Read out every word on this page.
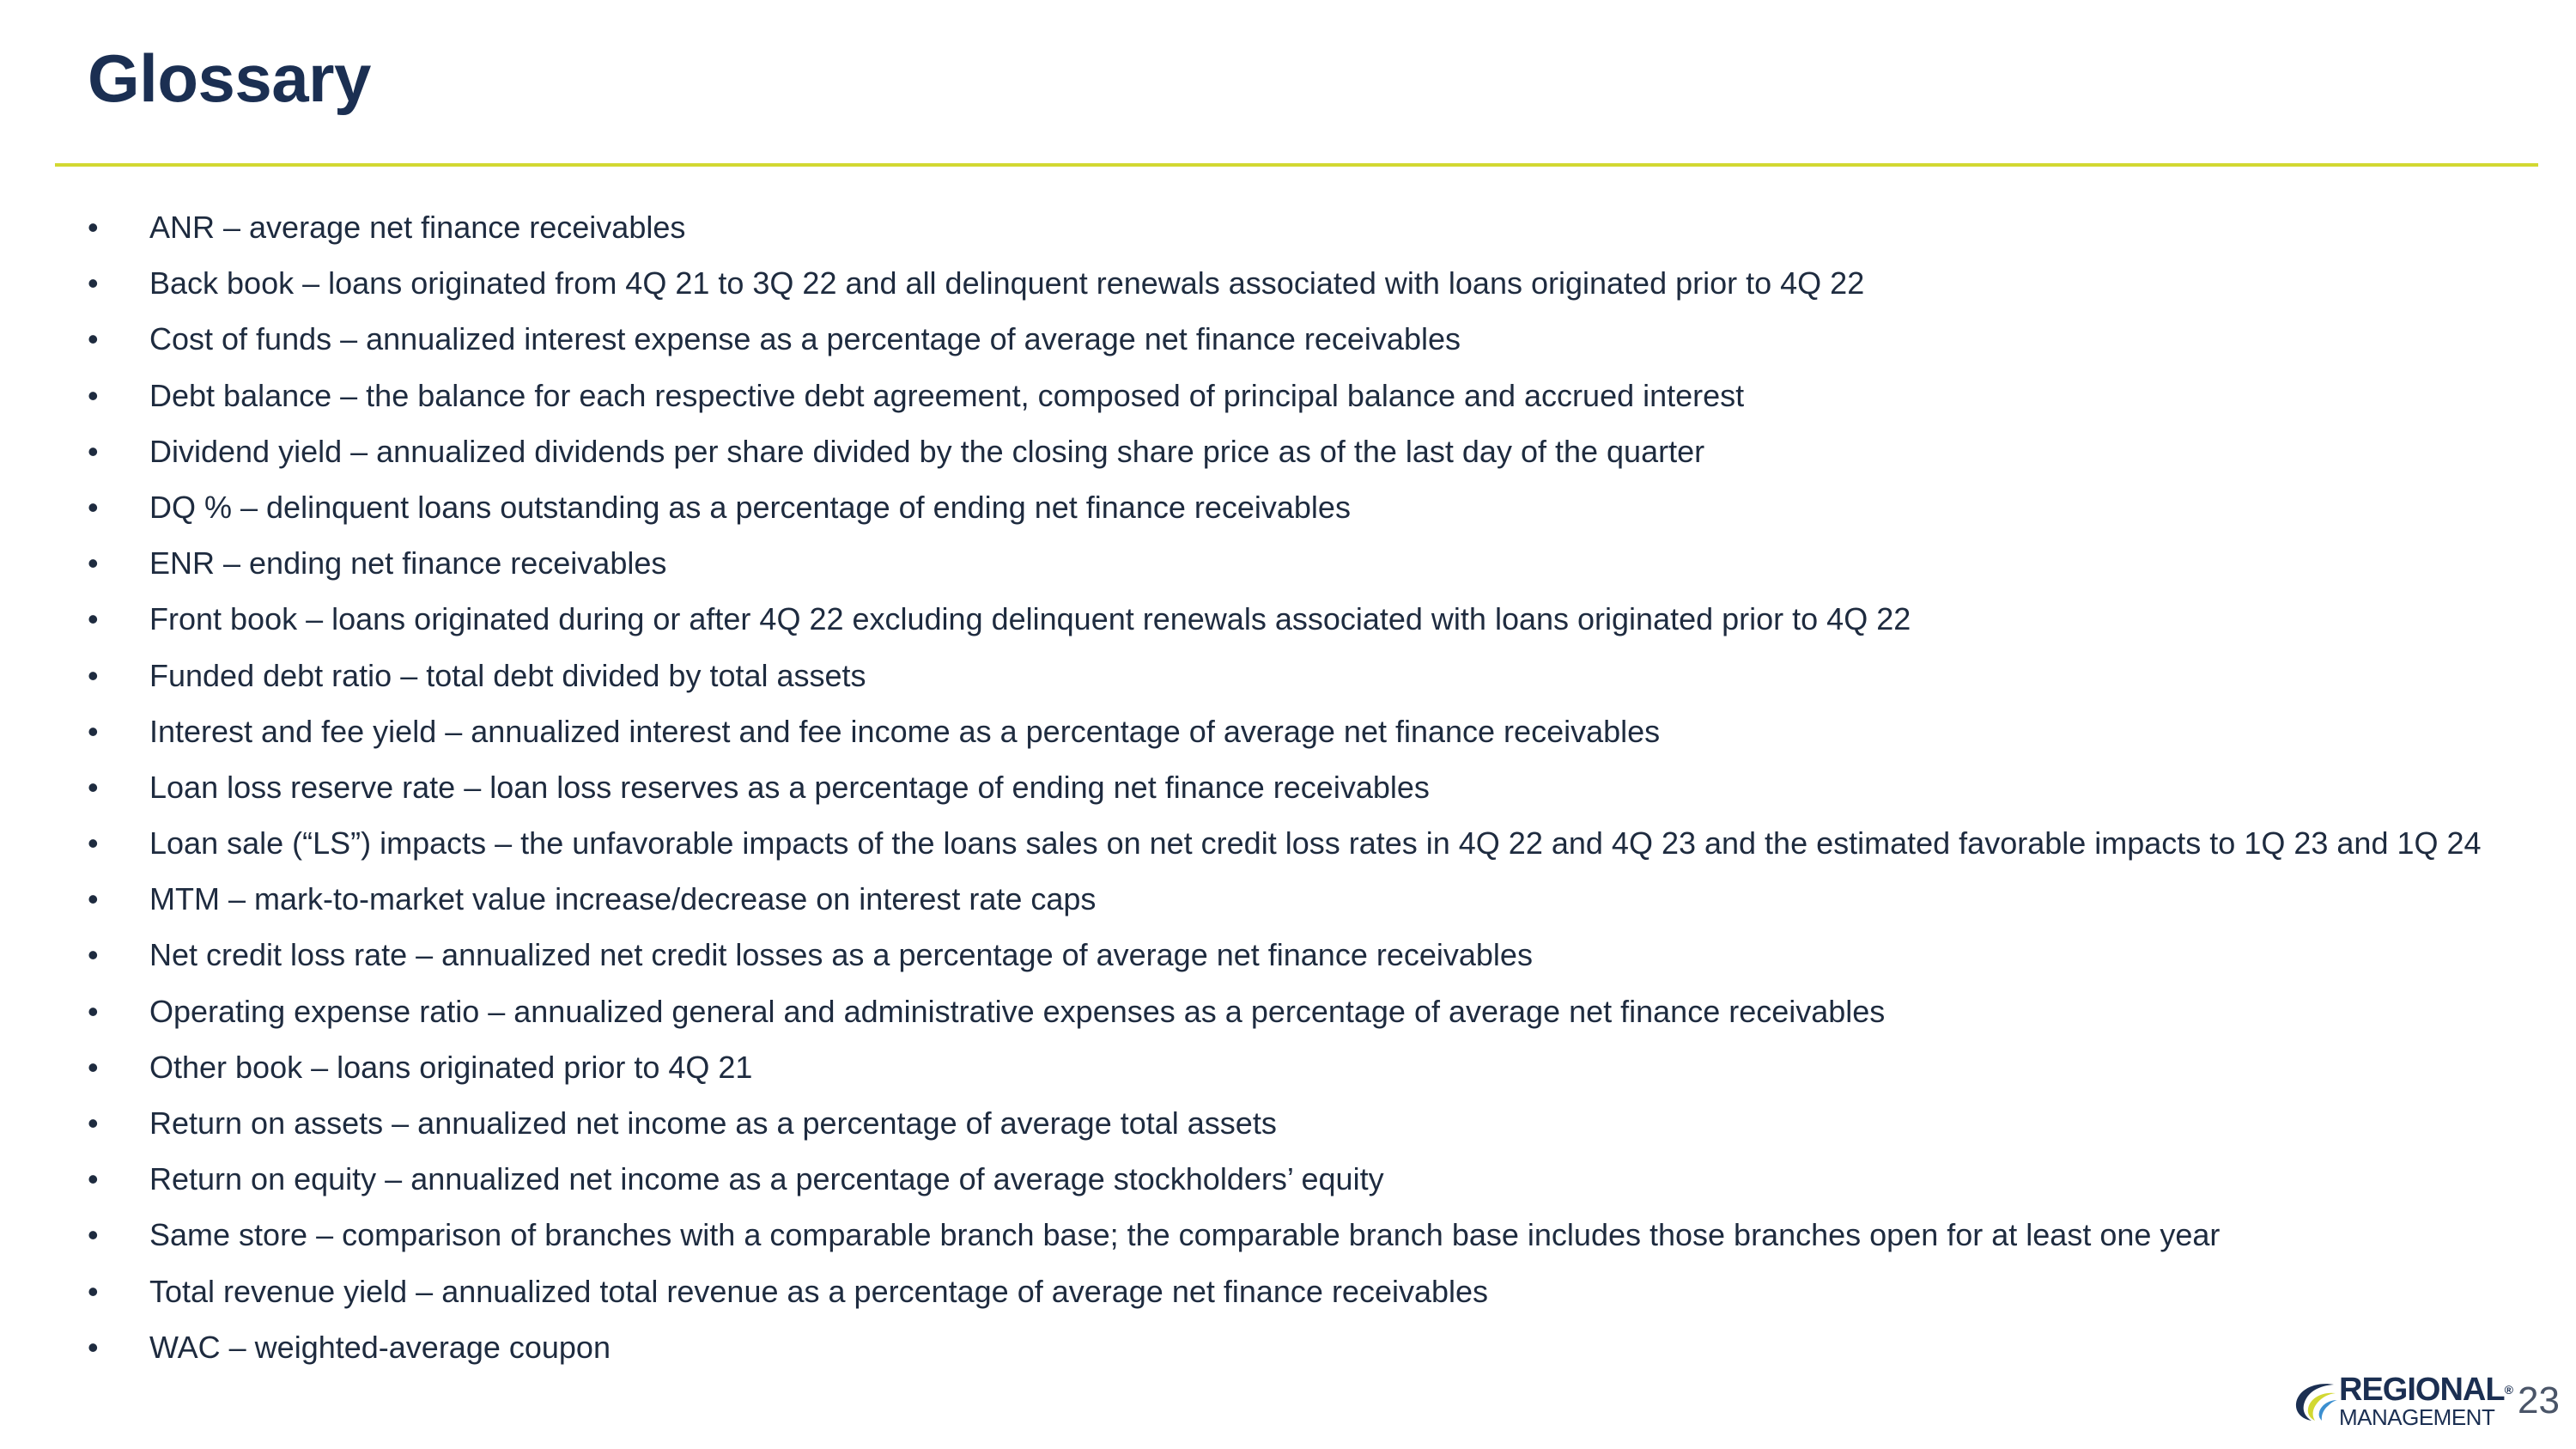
Glossary
•	ANR – average net finance receivables
•	Back book – loans originated from 4Q 21 to 3Q 22 and all delinquent renewals associated with loans originated prior to 4Q 22
•	Cost of funds – annualized interest expense as a percentage of average net finance receivables
•	Debt balance – the balance for each respective debt agreement, composed of principal balance and accrued interest
•	Dividend yield – annualized dividends per share divided by the closing share price as of the last day of the quarter
•	DQ % – delinquent loans outstanding as a percentage of ending net finance receivables
•	ENR – ending net finance receivables
•	Front book – loans originated during or after 4Q 22 excluding delinquent renewals associated with loans originated prior to 4Q 22
•	Funded debt ratio – total debt divided by total assets
•	Interest and fee yield – annualized interest and fee income as a percentage of average net finance receivables
•	Loan loss reserve rate – loan loss reserves as a percentage of ending net finance receivables
•	Loan sale (“LS”) impacts – the unfavorable impacts of the loans sales on net credit loss rates in 4Q 22 and 4Q 23 and the estimated favorable impacts to 1Q 23 and 1Q 24
•	MTM – mark-to-market value increase/decrease on interest rate caps
•	Net credit loss rate – annualized net credit losses as a percentage of average net finance receivables
•	Operating expense ratio – annualized general and administrative expenses as a percentage of average net finance receivables
•	Other book – loans originated prior to 4Q 21
•	Return on assets – annualized net income as a percentage of average total assets
•	Return on equity – annualized net income as a percentage of average stockholders’ equity
•	Same store – comparison of branches with a comparable branch base; the comparable branch base includes those branches open for at least one year
•	Total revenue yield – annualized total revenue as a percentage of average net finance receivables
•	WAC – weighted-average coupon
REGIONAL®
MANAGEMENT 23
